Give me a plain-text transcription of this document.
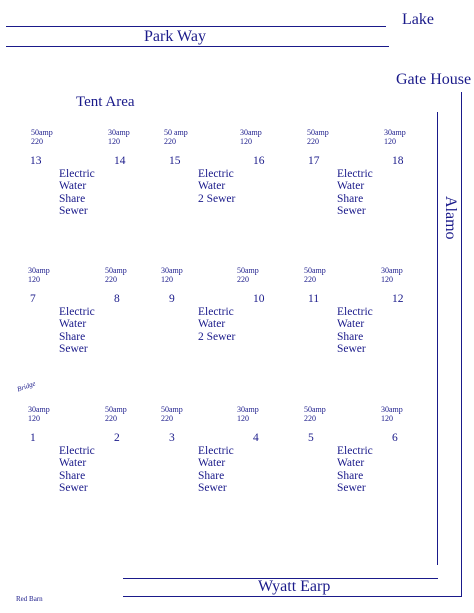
Lake
Park Way
Gate House
Tent Area
Alamo
Wyatt Earp
Bridge
Red Barn
50amp
220
30amp
120
13	14
Electric
Water
Share
Sewer
50 amp
220
30amp
120
15	16
Electric
Water
2 Sewer
50amp
220
30amp
120
17	18
Electric
Water
Share
Sewer
30amp
120
50amp
220
7	8
Electric
Water
Share
Sewer
30amp
120
50amp
220
9	10
Electric
Water
2 Sewer
50amp
220
30amp
120
11	12
Electric
Water
Share
Sewer
30amp
120
50amp
220
1	2
Electric
Water
Share
Sewer
50amp
220
30amp
120
3	4
Electric
Water
Share
Sewer
50amp
220
30amp
120
5	6
Electric
Water
Share
Sewer
